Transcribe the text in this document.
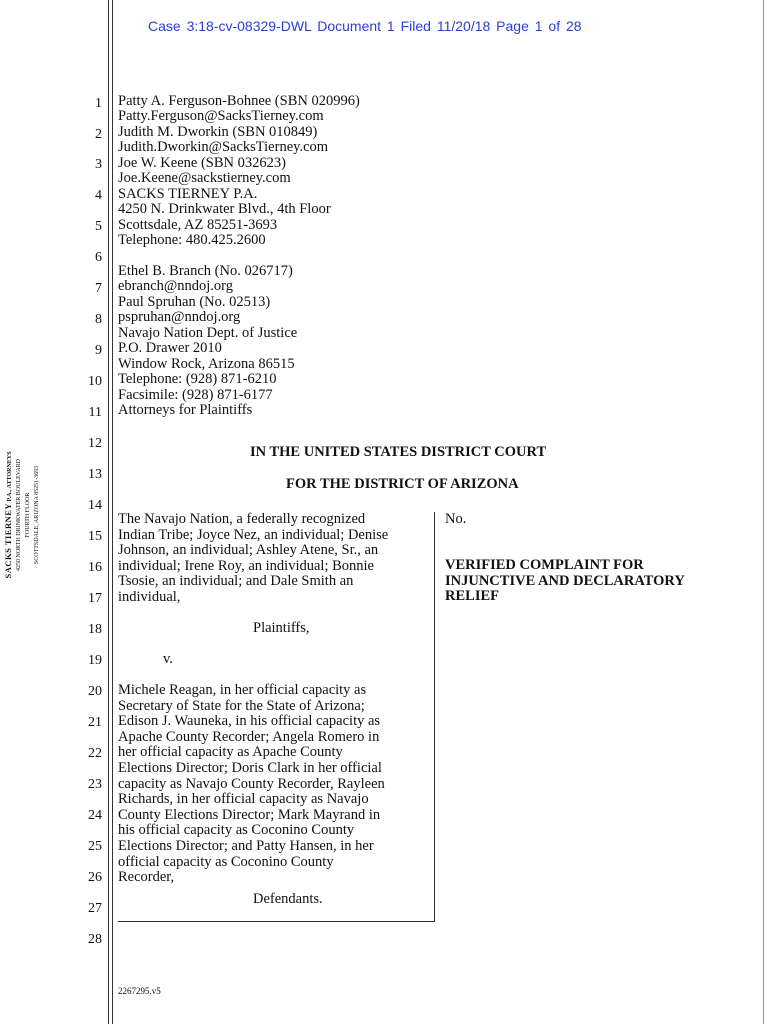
Case 3:18-cv-08329-DWL Document 1 Filed 11/20/18 Page 1 of 28
SACKS TIERNEY P.A., ATTORNEYS 4250 NORTH DRINKWATER BOULEVARD FOURTH FLOOR SCOTTSDALE, ARIZONA 85251-3693
1
2
3
4
5
6
7
8
9
10
11
12
13
14
15
16
17
18
19
20
21
22
23
24
25
26
27
28
Patty A. Ferguson-Bohnee (SBN 020996)
Patty.Ferguson@SacksTierney.com
Judith M. Dworkin (SBN 010849)
Judith.Dworkin@SacksTierney.com
Joe W. Keene (SBN 032623)
Joe.Keene@sackstierney.com
SACKS TIERNEY P.A.
4250 N. Drinkwater Blvd., 4th Floor
Scottsdale, AZ 85251-3693
Telephone: 480.425.2600
Ethel B. Branch (No. 026717)
ebranch@nndoj.org
Paul Spruhan (No. 02513)
pspruhan@nndoj.org
Navajo Nation Dept. of Justice
P.O. Drawer 2010
Window Rock, Arizona 86515
Telephone: (928) 871-6210
Facsimile: (928) 871-6177
Attorneys for Plaintiffs
IN THE UNITED STATES DISTRICT COURT
FOR THE DISTRICT OF ARIZONA
The Navajo Nation, a federally recognized
Indian Tribe; Joyce Nez, an individual; Denise
Johnson, an individual; Ashley Atene, Sr., an
individual; Irene Roy, an individual; Bonnie
Tsosie, an individual; and Dale Smith an
individual,
Plaintiffs,
v.
Michele Reagan, in her official capacity as
Secretary of State for the State of Arizona;
Edison J. Wauneka, in his official capacity as
Apache County Recorder; Angela Romero in
her official capacity as Apache County
Elections Director; Doris Clark in her official
capacity as Navajo County Recorder, Rayleen
Richards, in her official capacity as Navajo
County Elections Director; Mark Mayrand in
his official capacity as Coconino County
Elections Director; and Patty Hansen, in her
official capacity as Coconino County
Recorder,
Defendants.
No.
VERIFIED COMPLAINT FOR
INJUNCTIVE AND DECLARATORY
RELIEF
2267295.v5
